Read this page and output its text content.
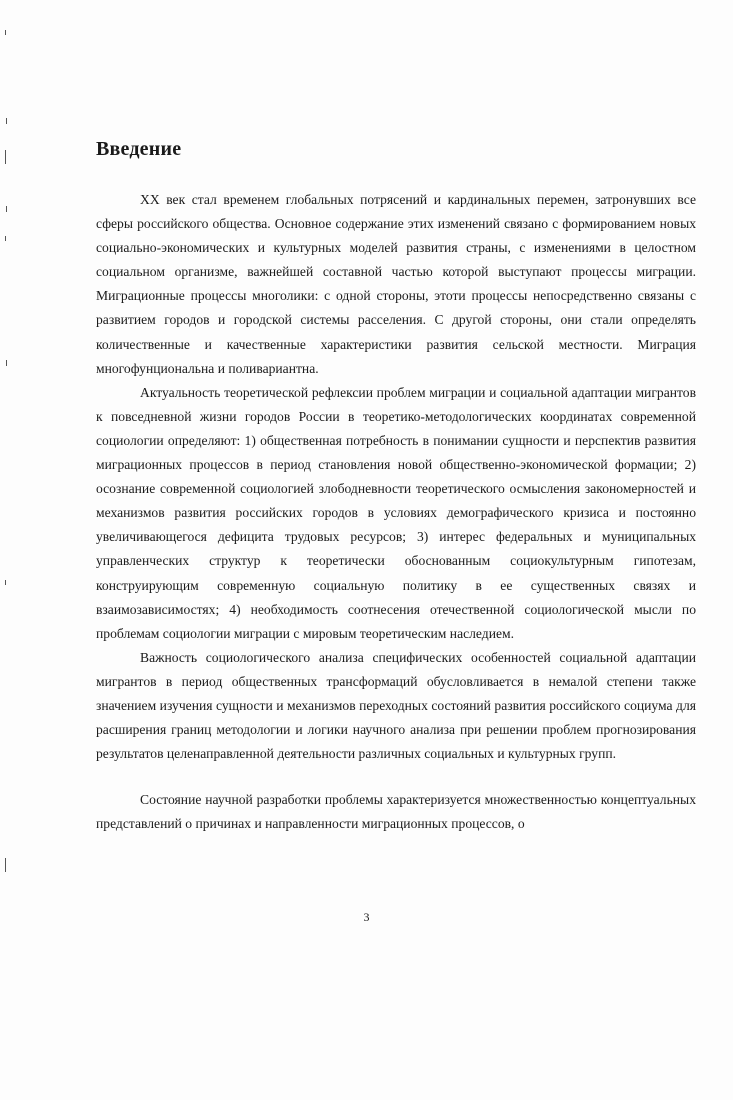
Введение

XX век стал временем глобальных потрясений и кардинальных перемен, затронувших все сферы российского общества. Основное содержание этих изменений связано с формированием новых социально-экономических и культурных моделей развития страны, с изменениями в целостном социальном организме, важнейшей составной частью которой выступают процессы миграции. Миграционные процессы многолики: с одной стороны, этоти процессы непосредственно связаны с развитием городов и городской системы расселения. С другой стороны, они стали определять количественные и качественные характеристики развития сельской местности. Миграция многофунциональна и поливариантна.

Актуальность теоретической рефлексии проблем миграции и социальной адаптации мигрантов к повседневной жизни городов России в теоретико-методологических координатах современной социологии определяют: 1) общественная потребность в понимании сущности и перспектив развития миграционных процессов в период становления новой общественно-экономической формации; 2) осознание современной социологией злободневности теоретического осмысления закономерностей и механизмов развития российских городов в условиях демографического кризиса и постоянно увеличивающегося дефицита трудовых ресурсов; 3) интерес федеральных и муниципальных управленческих структур к теоретически обоснованным социокультурным гипотезам, конструирующим современную социальную политику в ее существенных связях и взаимозависимостях; 4) необходимость соотнесения отечественной социологической мысли по проблемам социологии миграции с мировым теоретическим наследием.

Важность социологического анализа специфических особенностей социальной адаптации мигрантов в период общественных трансформаций обусловливается в немалой степени также значением изучения сущности и механизмов переходных состояний развития российского социума для расширения границ методологии и логики научного анализа при решении проблем прогнозирования результатов целенаправленной деятельности различных социальных и культурных групп.

Состояние научной разработки проблемы характеризуется множественностью концептуальных представлений о причинах и направленности миграционных процессов, о

3
